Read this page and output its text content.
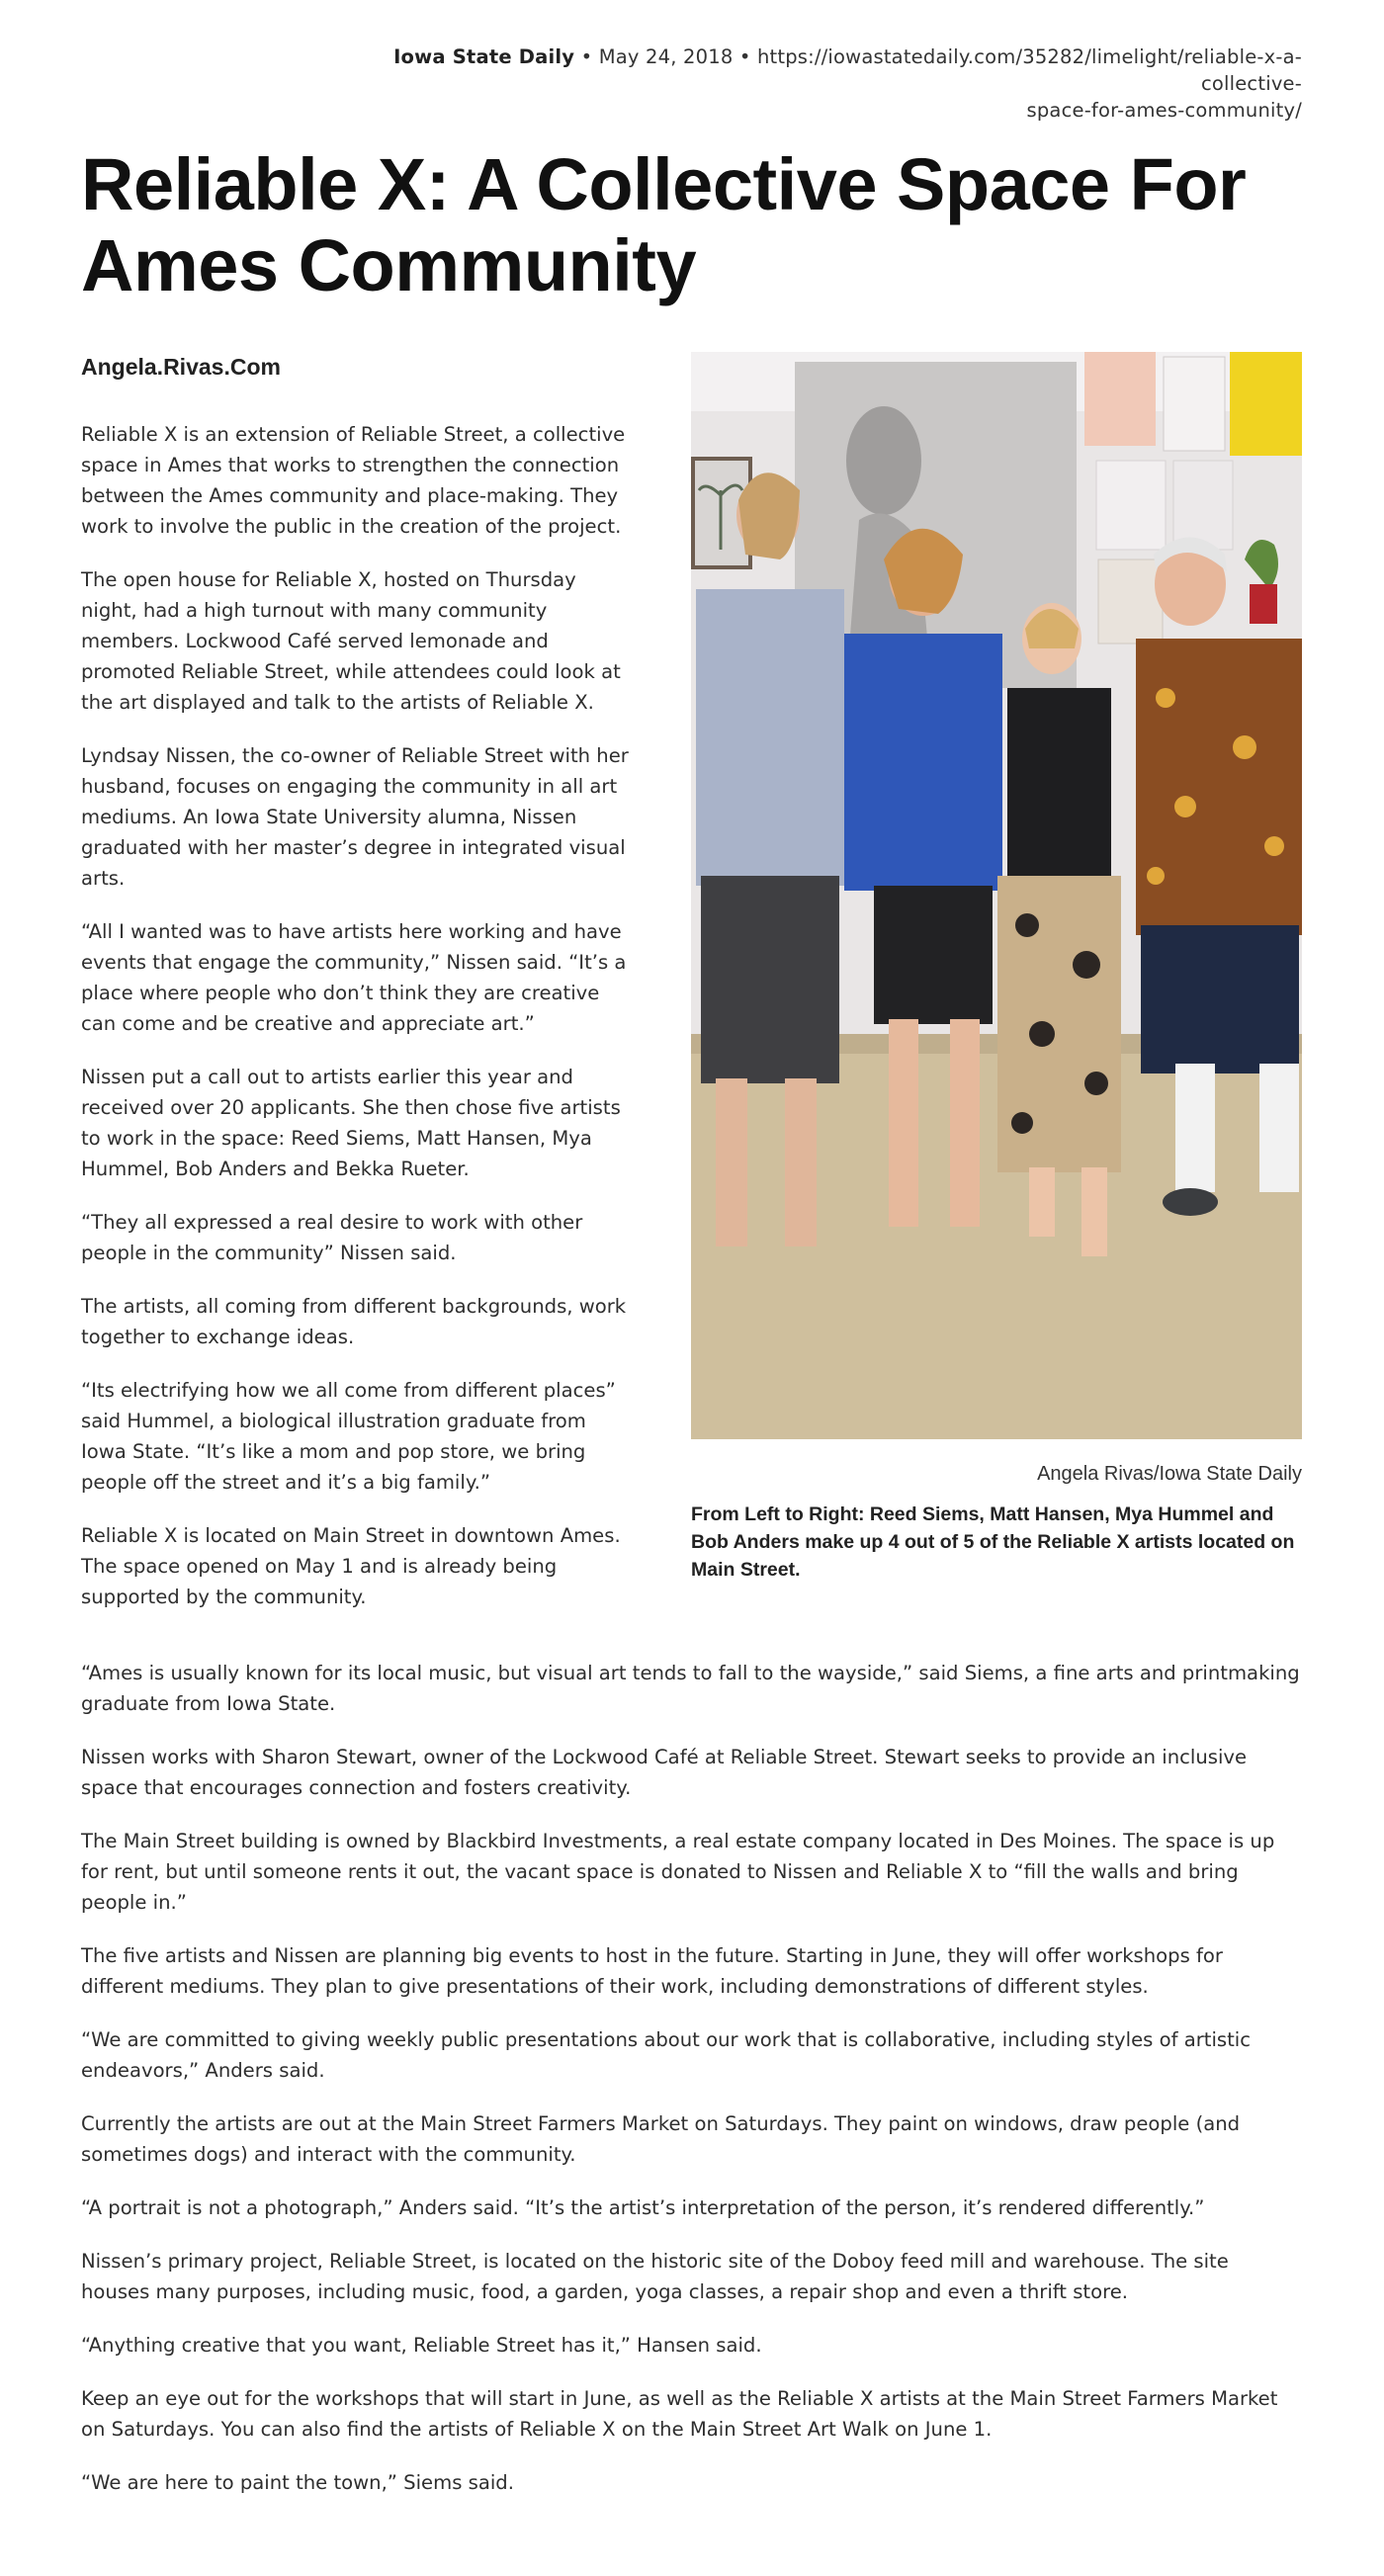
Iowa State Daily • May 24, 2018 • https://iowastatedaily.com/35282/limelight/reliable-x-a-collective-
space-for-ames-community/
Reliable X: A Collective Space For Ames Community
Angela.Rivas.Com

Reliable X is an extension of Reliable Street, a collective space in Ames that works to strengthen the connection between the Ames community and place-making. They work to involve the public in the creation of the project.

The open house for Reliable X, hosted on Thursday night, had a high turnout with many community members. Lockwood Café served lemonade and promoted Reliable Street, while attendees could look at the art displayed and talk to the artists of Reliable X.

Lyndsay Nissen, the co-owner of Reliable Street with her husband, focuses on engaging the community in all art mediums. An Iowa State University alumna, Nissen graduated with her master’s degree in integrated visual arts.

“All I wanted was to have artists here working and have events that engage the community,” Nissen said. “It’s a place where people who don’t think they are creative can come and be creative and appreciate art.”

Nissen put a call out to artists earlier this year and received over 20 applicants. She then chose five artists to work in the space: Reed Siems, Matt Hansen, Mya Hummel, Bob Anders and Bekka Rueter.

“They all expressed a real desire to work with other people in the community” Nissen said.

The artists, all coming from different backgrounds, work together to exchange ideas.

“Its electrifying how we all come from different places” said Hummel, a biological illustration graduate from Iowa State. “It’s like a mom and pop store, we bring people off the street and it’s a big family.”

Reliable X is located on Main Street in downtown Ames. The space opened on May 1 and is already being supported by the community.

Angela Rivas/Iowa State Daily
From Left to Right: Reed Siems, Matt Hansen, Mya Hummel and Bob Anders make up 4 out of 5 of the Reliable X artists located on Main Street.

“Ames is usually known for its local music, but visual art tends to fall to the wayside,” said Siems, a fine arts and printmaking graduate from Iowa State.

Nissen works with Sharon Stewart, owner of the Lockwood Café at Reliable Street. Stewart seeks to provide an inclusive space that encourages connection and fosters creativity.

The Main Street building is owned by Blackbird Investments, a real estate company located in Des Moines. The space is up for rent, but until someone rents it out, the vacant space is donated to Nissen and Reliable X to “fill the walls and bring people in.”

The five artists and Nissen are planning big events to host in the future. Starting in June, they will offer workshops for different mediums. They plan to give presentations of their work, including demonstrations of different styles.

“We are committed to giving weekly public presentations about our work that is collaborative, including styles of artistic endeavors,” Anders said.

Currently the artists are out at the Main Street Farmers Market on Saturdays. They paint on windows, draw people (and sometimes dogs) and interact with the community.

“A portrait is not a photograph,” Anders said. “It’s the artist’s interpretation of the person, it’s rendered differently.”

Nissen’s primary project, Reliable Street, is located on the historic site of the Doboy feed mill and warehouse. The site houses many purposes, including music, food, a garden, yoga classes, a repair shop and even a thrift store.

“Anything creative that you want, Reliable Street has it,” Hansen said.

Keep an eye out for the workshops that will start in June, as well as the Reliable X artists at the Main Street Farmers Market on Saturdays. You can also find the artists of Reliable X on the Main Street Art Walk on June 1.

“We are here to paint the town,” Siems said.
